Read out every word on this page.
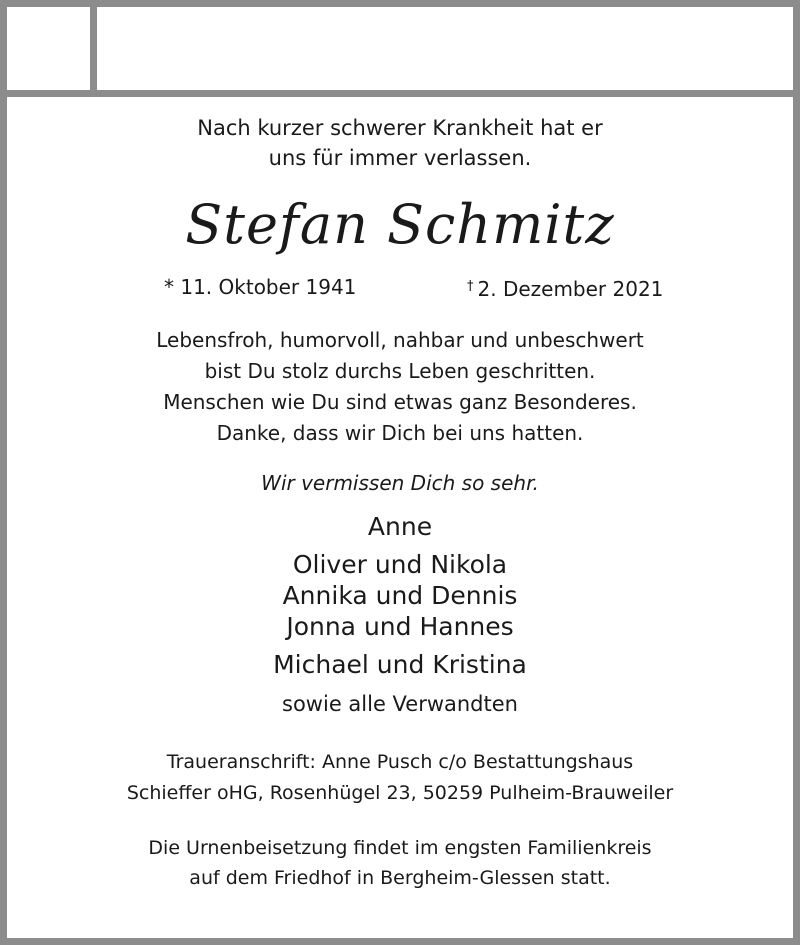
Nach kurzer schwerer Krankheit hat er
uns für immer verlassen.
Stefan Schmitz
* 11. Oktober 1941	† 2. Dezember 2021
Lebensfroh, humorvoll, nahbar und unbeschwert
bist Du stolz durchs Leben geschritten.
Menschen wie Du sind etwas ganz Besonderes.
Danke, dass wir Dich bei uns hatten.
Wir vermissen Dich so sehr.
Anne
Oliver und Nikola
Annika und Dennis
Jonna und Hannes
Michael und Kristina
sowie alle Verwandten
Traueranschrift: Anne Pusch c/o Bestattungshaus
Schieffer oHG, Rosenhügel 23, 50259 Pulheim-Brauweiler
Die Urnenbeisetzung findet im engsten Familienkreis
auf dem Friedhof in Bergheim-Glessen statt.
